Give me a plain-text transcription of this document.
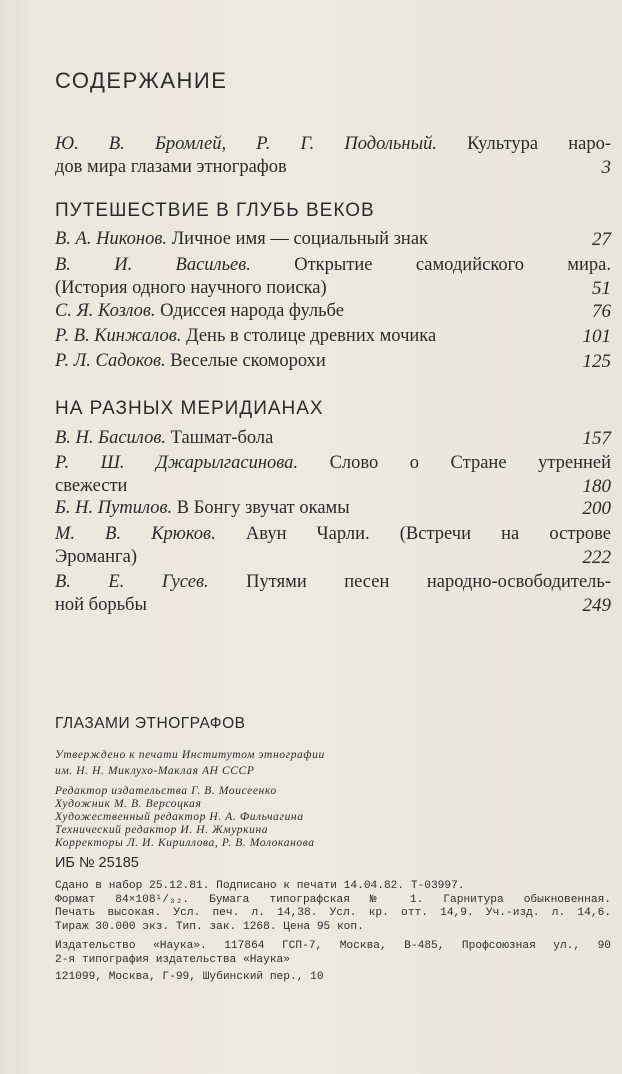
СОДЕРЖАНИЕ
Ю. В. Бромлей, Р. Г. Подольный. Культура наро-
дов мира глазами этнографов	3
ПУТЕШЕСТВИЕ В ГЛУБЬ ВЕКОВ
В. А. Никонов. Личное имя — социальный знак	27
В. И. Васильев. Открытие самодийского мира.
(История одного научного поиска)	51
С. Я. Козлов. Одиссея народа фульбе	76
Р. В. Кинжалов. День в столице древних мочика	101
Р. Л. Садоков. Веселые скоморохи	125
НА РАЗНЫХ МЕРИДИАНАХ
В. Н. Басилов. Ташмат-бола	157
Р. Ш. Джарылгасинова. Слово о Стране утренней
свежести	180
Б. Н. Путилов. В Бонгу звучат окамы	200
М. В. Крюков. Авун Чарли. (Встречи на острове
Эроманга)	222
В. Е. Гусев. Путями песен народно-освободитель-
ной борьбы	249
ГЛАЗАМИ ЭТНОГРАФОВ
Утверждено к печати Институтом этнографии
им. Н. Н. Миклухо-Маклая АН СССР
Редактор издательства Г. В. Моисеенко
Художник М. В. Версоцкая
Художественный редактор Н. А. Фильчагина
Технический редактор И. Н. Жмуркина
Корректоры Л. И. Кириллова, Р. В. Молоканова
ИБ № 25185
Сдано в набор 25.12.81. Подписано к печати 14.04.82. Т-03997.
Формат 84×108¹/₃₂. Бумага типографская № 1. Гарнитура обыкновенная.
Печать высокая. Усл. печ. л. 14,38. Усл. кр. отт. 14,9. Уч.-изд. л. 14,6.
Тираж 30.000 экз. Тип. зак. 1268. Цена 95 коп.
Издательство «Наука». 117864 ГСП-7, Москва, В-485, Профсоюзная ул., 90
2-я типография издательства «Наука»
121099, Москва, Г-99, Шубинский пер., 10
